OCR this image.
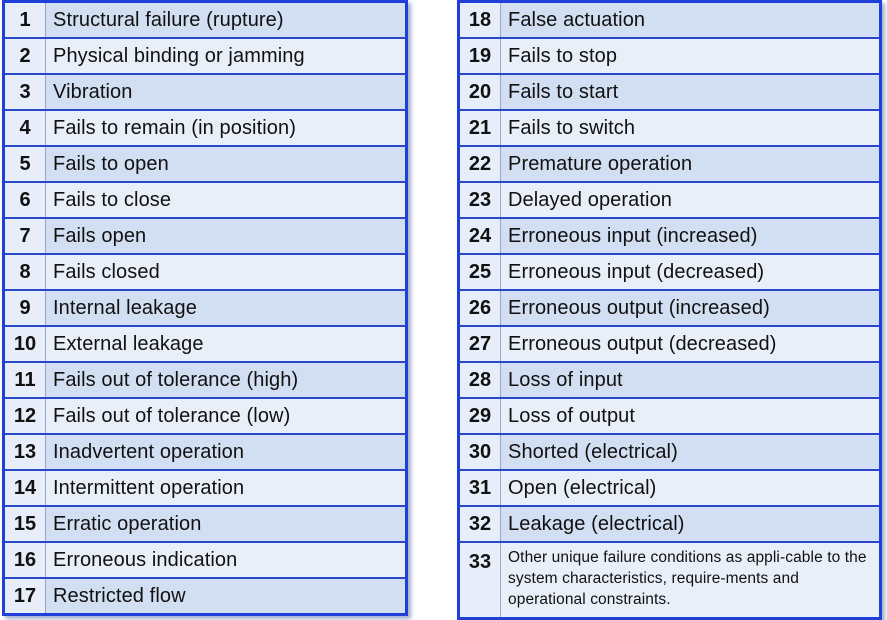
1	Structural failure (rupture)
2	Physical binding or jamming
3	Vibration
4	Fails to remain (in position)
5	Fails to open
6	Fails to close
7	Fails open
8	Fails closed
9	Internal leakage
10	External leakage
11	Fails out of tolerance (high)
12	Fails out of tolerance (low)
13	Inadvertent operation
14	Intermittent operation
15	Erratic operation
16	Erroneous indication
17	Restricted flow
18	False actuation
19	Fails to stop
20	Fails to start
21	Fails to switch
22	Premature operation
23	Delayed operation
24	Erroneous input (increased)
25	Erroneous input (decreased)
26	Erroneous output (increased)
27	Erroneous output (decreased)
28	Loss of input
29	Loss of output
30	Shorted (electrical)
31	Open (electrical)
32	Leakage (electrical)
33	Other unique failure conditions as appli-cable to the system characteristics, require-ments and operational constraints.
